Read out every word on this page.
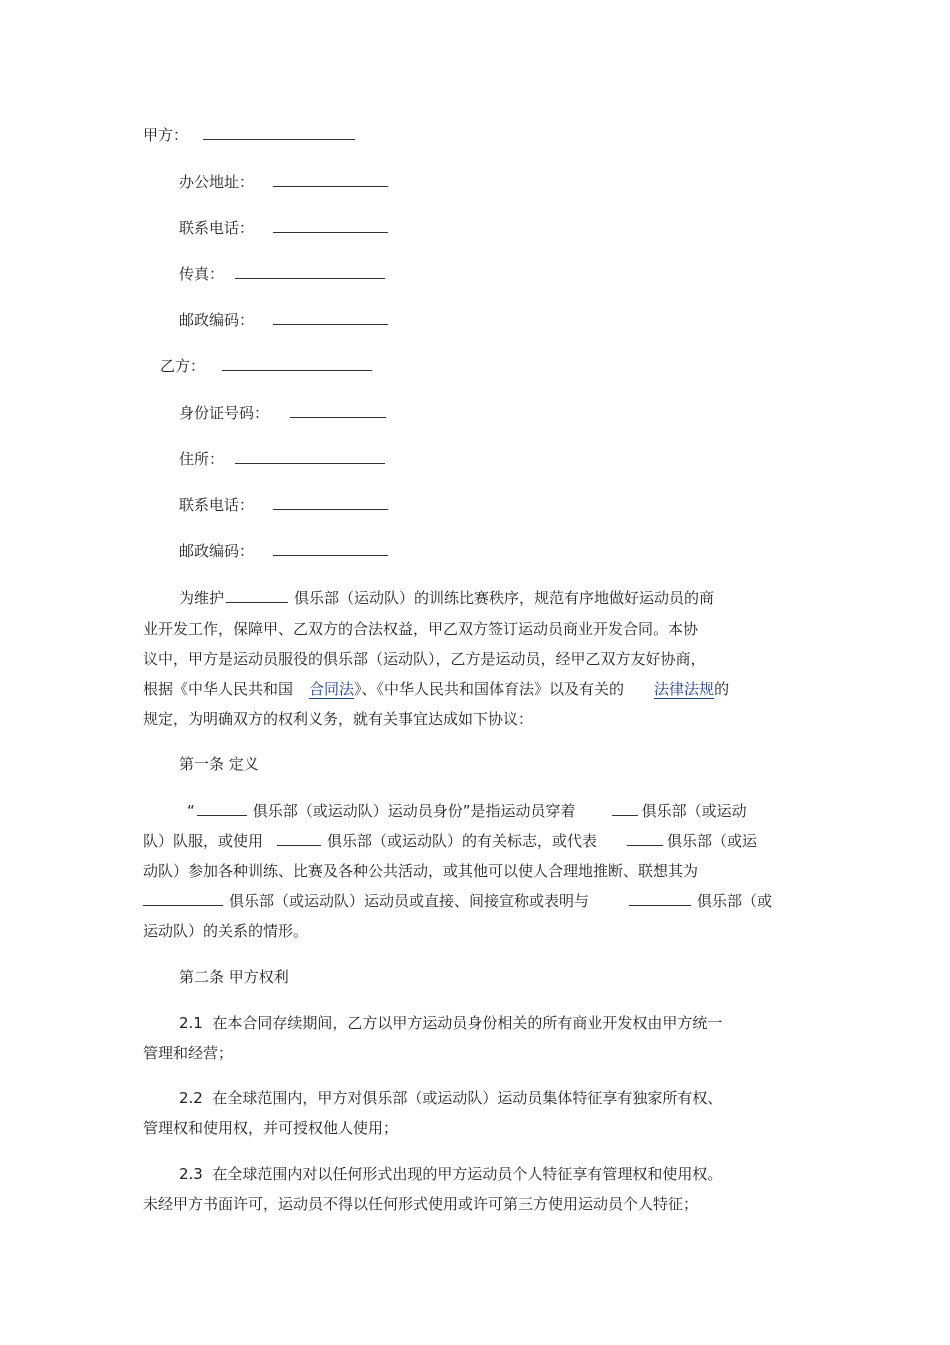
甲方：
办公地址：
联系电话：
传真：
邮政编码：
乙方：
身份证号码：
住所：
联系电话：
邮政编码：
为维护	俱乐部（运动队）的训练比赛秩序，规范有序地做好运动员的商
业开发工作，保障甲、乙双方的合法权益，甲乙双方签订运动员商业开发合同。本协
议中，甲方是运动员服役的俱乐部（运动队），乙方是运动员，经甲乙双方友好协商，
根据《中华人民共和国 合同法》、《中华人民共和国体育法》以及有关的 法律法规的
规定，为明确双方的权利义务，就有关事宜达成如下协议：
第一条 定义
“	俱乐部（或运动队）运动员身份”是指运动员穿着	俱乐部（或运动
队）队服，或使用	俱乐部（或运动队）的有关标志，或代表	俱乐部（或运
动队）参加各种训练、比赛及各种公共活动，或其他可以使人合理地推断、联想其为
俱乐部（或运动队）运动员或直接、间接宣称或表明与	俱乐部（或
运动队）的关系的情形。
第二条 甲方权利
2.1 在本合同存续期间，乙方以甲方运动员身份相关的所有商业开发权由甲方统一
管理和经营；
2.2 在全球范围内，甲方对俱乐部（或运动队）运动员集体特征享有独家所有权、
管理权和使用权，并可授权他人使用；
2.3 在全球范围内对以任何形式出现的甲方运动员个人特征享有管理权和使用权。
未经甲方书面许可，运动员不得以任何形式使用或许可第三方使用运动员个人特征；
